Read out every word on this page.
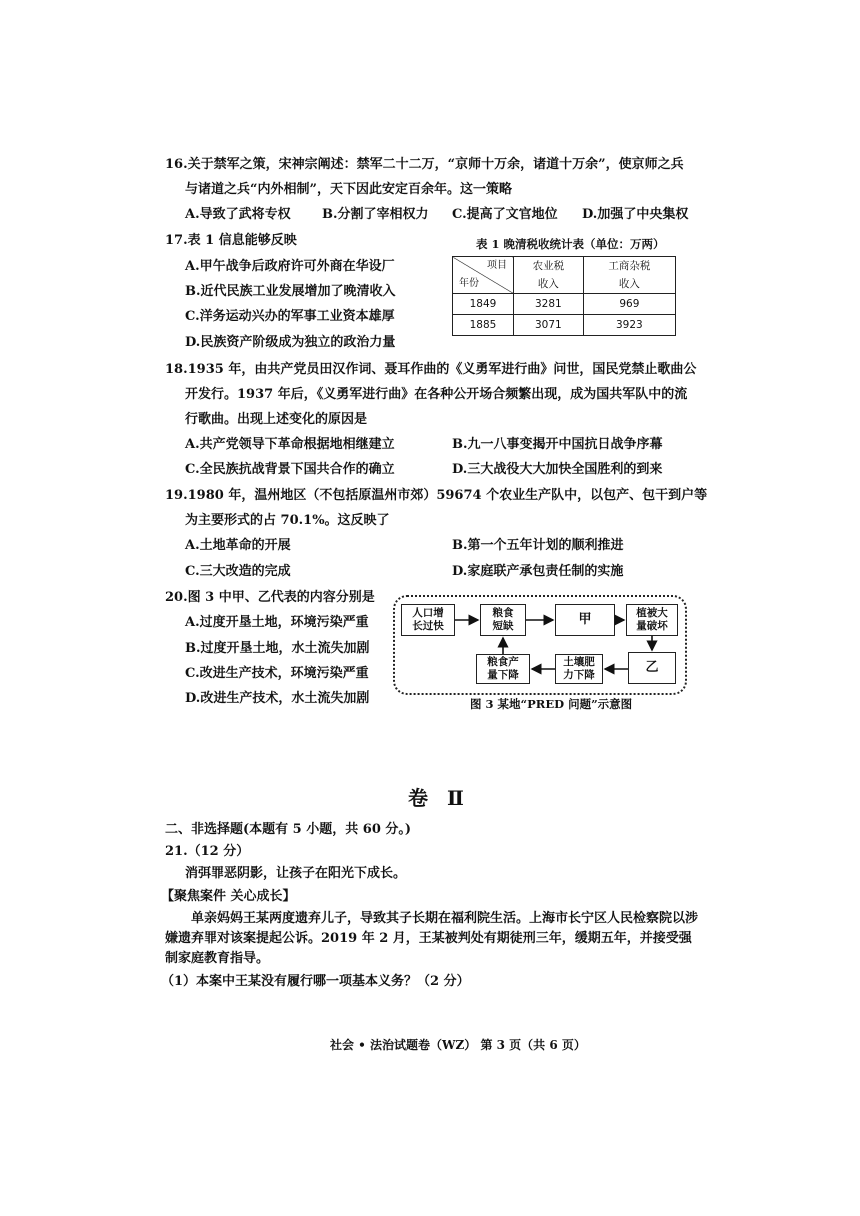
16.关于禁军之策，宋神宗阐述：禁军二十二万，“京师十万余，诸道十万余”，使京师之兵
与诸道之兵“内外相制”，天下因此安定百余年。这一策略
A.导致了武将专权 B.分割了宰相权力 C.提高了文官地位 D.加强了中央集权
17.表 1 信息能够反映
A.甲午战争后政府许可外商在华设厂
B.近代民族工业发展增加了晚清收入
C.洋务运动兴办的军事工业资本雄厚
D.民族资产阶级成为独立的政治力量
表 1 晚清税收统计表（单位：万两）
项目
年份	农业税	工商杂税
	收入	收入
1849	3281	969
1885	3071	3923
18.1935 年，由共产党员田汉作词、聂耳作曲的《义勇军进行曲》问世，国民党禁止歌曲公
开发行。1937 年后，《义勇军进行曲》在各种公开场合频繁出现，成为国共军队中的流
行歌曲。出现上述变化的原因是
A.共产党领导下革命根据地相继建立	B.九一八事变揭开中国抗日战争序幕
C.全民族抗战背景下国共合作的确立	D.三大战役大大加快全国胜利的到来
19.1980 年，温州地区（不包括原温州市郊）59674 个农业生产队中，以包产、包干到户等
为主要形式的占 70.1%。这反映了
A.土地革命的开展	B.第一个五年计划的顺利推进
C.三大改造的完成	D.家庭联产承包责任制的实施
20.图 3 中甲、乙代表的内容分别是
A.过度开垦土地，环境污染严重
B.过度开垦土地，水土流失加剧
C.改进生产技术，环境污染严重
D.改进生产技术，水土流失加剧
人口增
长过快
粮食
短缺	甲	植被大
量破坏
乙
土壤肥
力下降
粮食产
量下降
图 3 某地“PRED 问题”示意图
卷 Ⅱ
二、非选择题(本题有 5 小题，共 60 分。)
21.（12 分）
消弭罪恶阴影，让孩子在阳光下成长。
【聚焦案件 关心成长】
单亲妈妈王某两度遗弃儿子，导致其子长期在福利院生活。上海市长宁区人民检察院以涉嫌遗弃罪对该案提起公诉。2019 年 2 月，王某被判处有期徒刑三年，缓期五年，并接受强制家庭教育指导。
（1）本案中王某没有履行哪一项基本义务？（2 分）
社会 • 法治试题卷（WZ） 第 3 页（共 6 页）
